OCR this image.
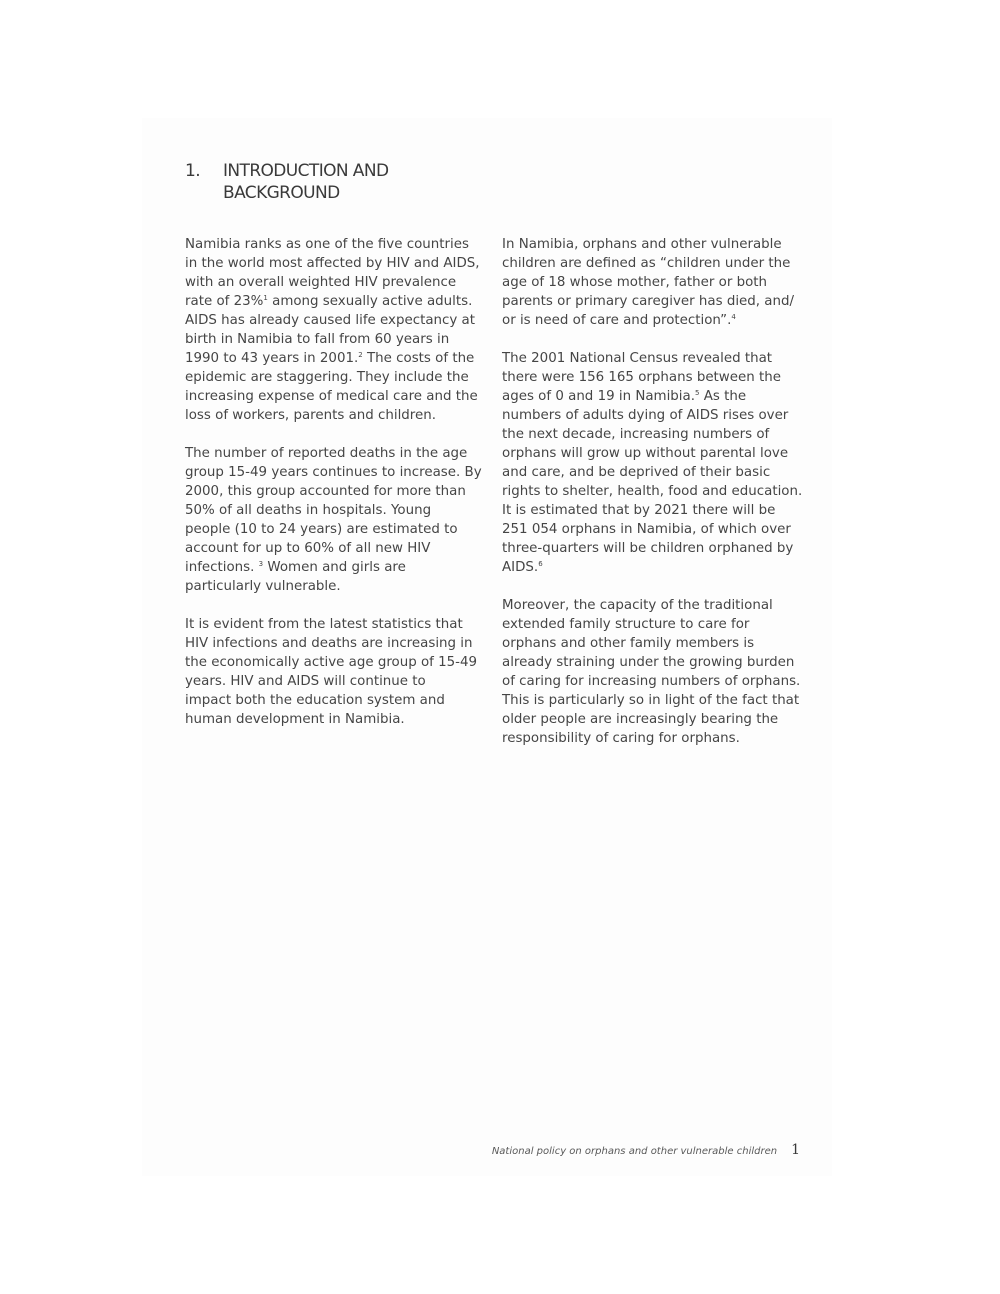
1. INTRODUCTION AND
BACKGROUND

Namibia ranks as one of the five countries
in the world most affected by HIV and AIDS,
with an overall weighted HIV prevalence
rate of 23%$^1$ among sexually active adults.
AIDS has already caused life expectancy at
birth in Namibia to fall from 60 years in
1990 to 43 years in 2001.$^2$ The costs of the
epidemic are staggering. They include the
increasing expense of medical care and the
loss of workers, parents and children.

The number of reported deaths in the age
group 15-49 years continues to increase. By
2000, this group accounted for more than
50% of all deaths in hospitals. Young
people (10 to 24 years) are estimated to
account for up to 60% of all new HIV
infections. $^3$ Women and girls are
particularly vulnerable.

It is evident from the latest statistics that
HIV infections and deaths are increasing in
the economically active age group of 15-49
years. HIV and AIDS will continue to
impact both the education system and
human development in Namibia.

In Namibia, orphans and other vulnerable
children are defined as “children under the
age of 18 whose mother, father or both
parents or primary caregiver has died, and/
or is need of care and protection”.$^4$

The 2001 National Census revealed that
there were 156 165 orphans between the
ages of 0 and 19 in Namibia.$^5$ As the
numbers of adults dying of AIDS rises over
the next decade, increasing numbers of
orphans will grow up without parental love
and care, and be deprived of their basic
rights to shelter, health, food and education.
It is estimated that by 2021 there will be
251 054 orphans in Namibia, of which over
three-quarters will be children orphaned by
AIDS.$^6$

Moreover, the capacity of the traditional
extended family structure to care for
orphans and other family members is
already straining under the growing burden
of caring for increasing numbers of orphans.
This is particularly so in light of the fact that
older people are increasingly bearing the
responsibility of caring for orphans.

National policy on orphans and other vulnerable children 1
